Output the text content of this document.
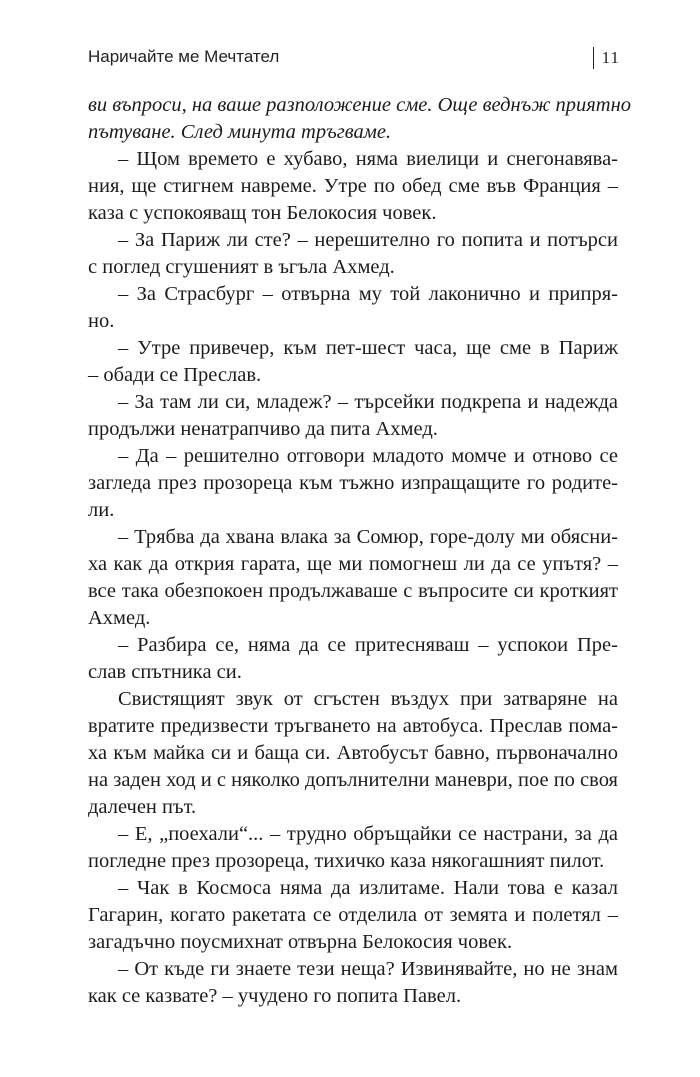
Наричайте ме Мечтател	11
ви въпроси, на ваше разположение сме. Още веднъж приятно
пътуване. След минута тръгваме.
– Щом времето е хубаво, няма виелици и снегонавява-
ния, ще стигнем навреме. Утре по обед сме във Франция –
каза с успокояващ тон Белокосия човек.
– За Париж ли сте? – нерешително го попита и потърси
с поглед сгушеният в ъгъла Ахмед.
– За Страсбург – отвърна му той лаконично и припря-
но.
– Утре привечер, към пет-шест часа, ще сме в Париж
– обади се Преслав.
– За там ли си, младеж? – търсейки подкрепа и надежда
продължи ненатрапчиво да пита Ахмед.
– Да – решително отговори младото момче и отново се
загледа през прозореца към тъжно изпращащите го родите-
ли.
– Трябва да хвана влака за Сомюр, горе-долу ми обясни-
ха как да открия гарата, ще ми помогнеш ли да се упътя? –
все така обезпокоен продължаваше с въпросите си кроткият
Ахмед.
– Разбира се, няма да се притесняваш – успокои Пре-
слав спътника си.
Свистящият звук от сгъстен въздух при затваряне на
вратите предизвести тръгването на автобуса. Преслав пома-
ха към майка си и баща си. Автобусът бавно, първоначално
на заден ход и с няколко допълнителни маневри, пое по своя
далечен път.
– Е, „поехали“... – трудно обръщайки се настрани, за да
погледне през прозореца, тихичко каза някогашният пилот.
– Чак в Космоса няма да излитаме. Нали това е казал
Гагарин, когато ракетата се отделила от земята и полетял –
загадъчно поусмихнат отвърна Белокосия човек.
– От къде ги знаете тези неща? Извинявайте, но не знам
как се казвате? – учудено го попита Павел.
